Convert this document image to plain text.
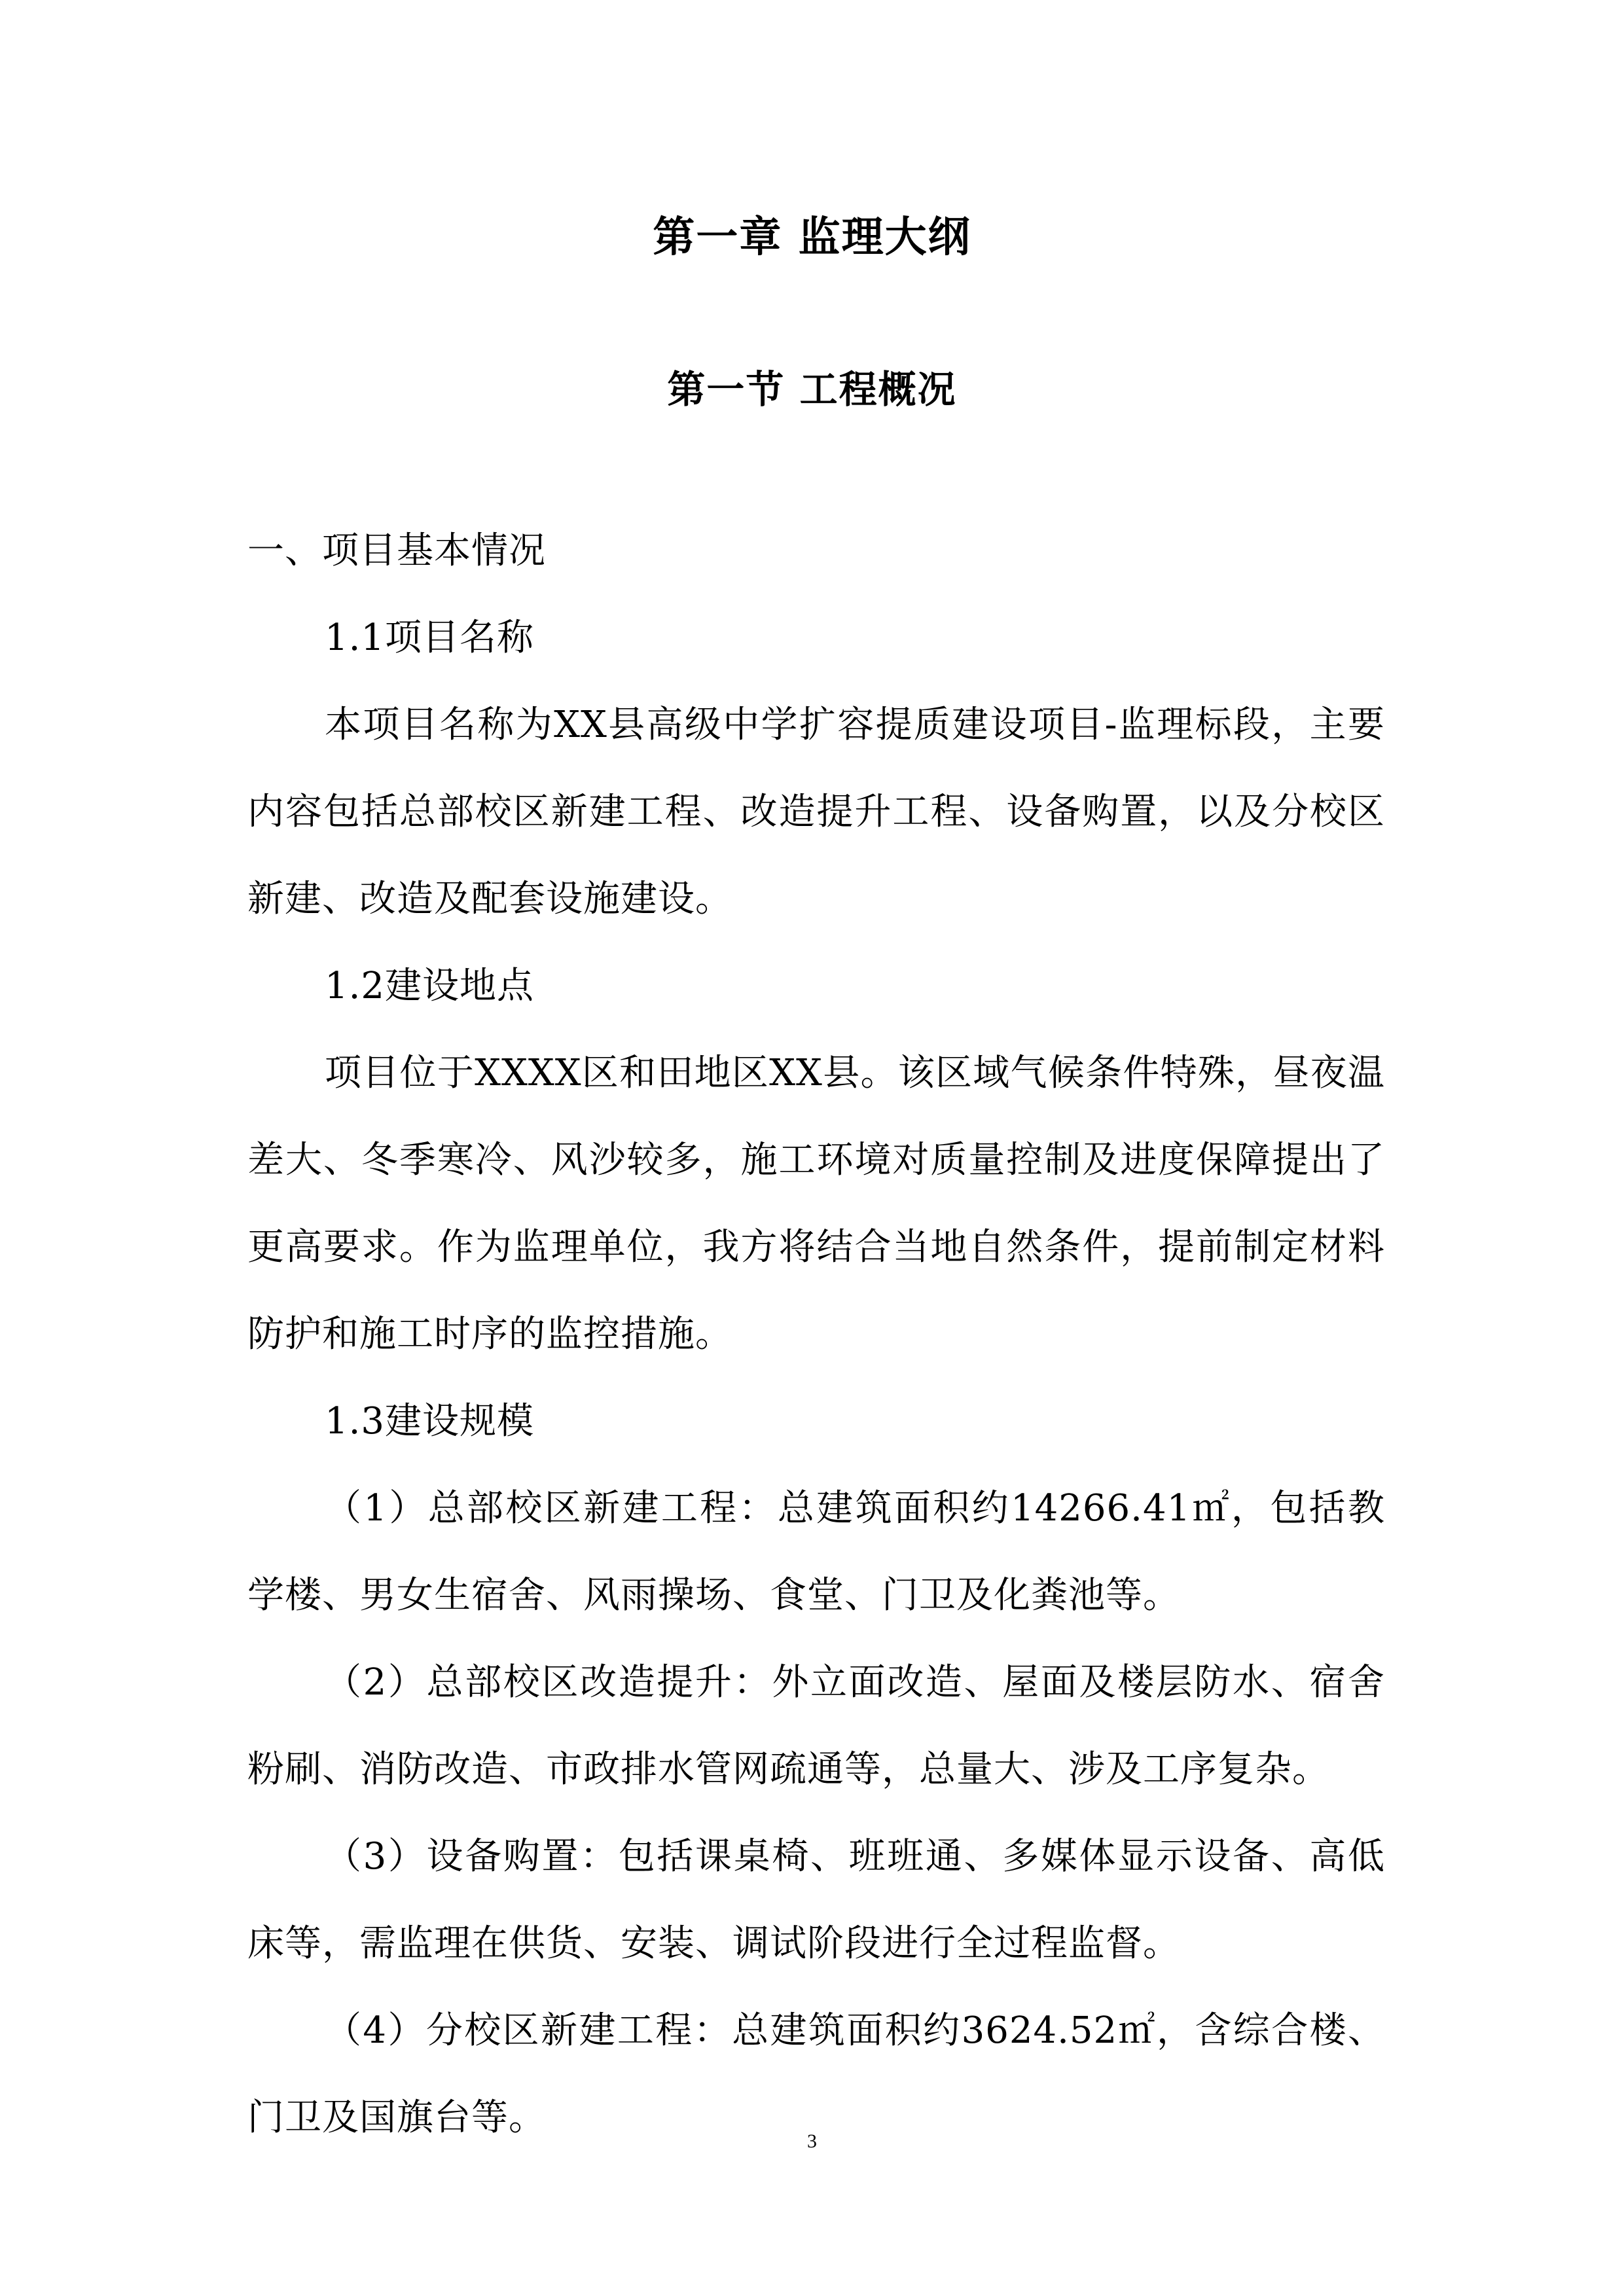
第一章 监理大纲
第一节 工程概况

一、项目基本情况

1.1项目名称

本项目名称为XX县高级中学扩容提质建设项目-监理标段，主要内容包括总部校区新建工程、改造提升工程、设备购置，以及分校区新建、改造及配套设施建设。

1.2建设地点

项目位于XXXX区和田地区XX县。该区域气候条件特殊，昼夜温差大、冬季寒冷、风沙较多，施工环境对质量控制及进度保障提出了更高要求。作为监理单位，我方将结合当地自然条件，提前制定材料防护和施工时序的监控措施。

1.3建设规模

（1）总部校区新建工程：总建筑面积约14266.41㎡，包括教学楼、男女生宿舍、风雨操场、食堂、门卫及化粪池等。

（2）总部校区改造提升：外立面改造、屋面及楼层防水、宿舍粉刷、消防改造、市政排水管网疏通等，总量大、涉及工序复杂。

（3）设备购置：包括课桌椅、班班通、多媒体显示设备、高低床等，需监理在供货、安装、调试阶段进行全过程监督。

（4）分校区新建工程：总建筑面积约3624.52㎡，含综合楼、门卫及国旗台等。

3
